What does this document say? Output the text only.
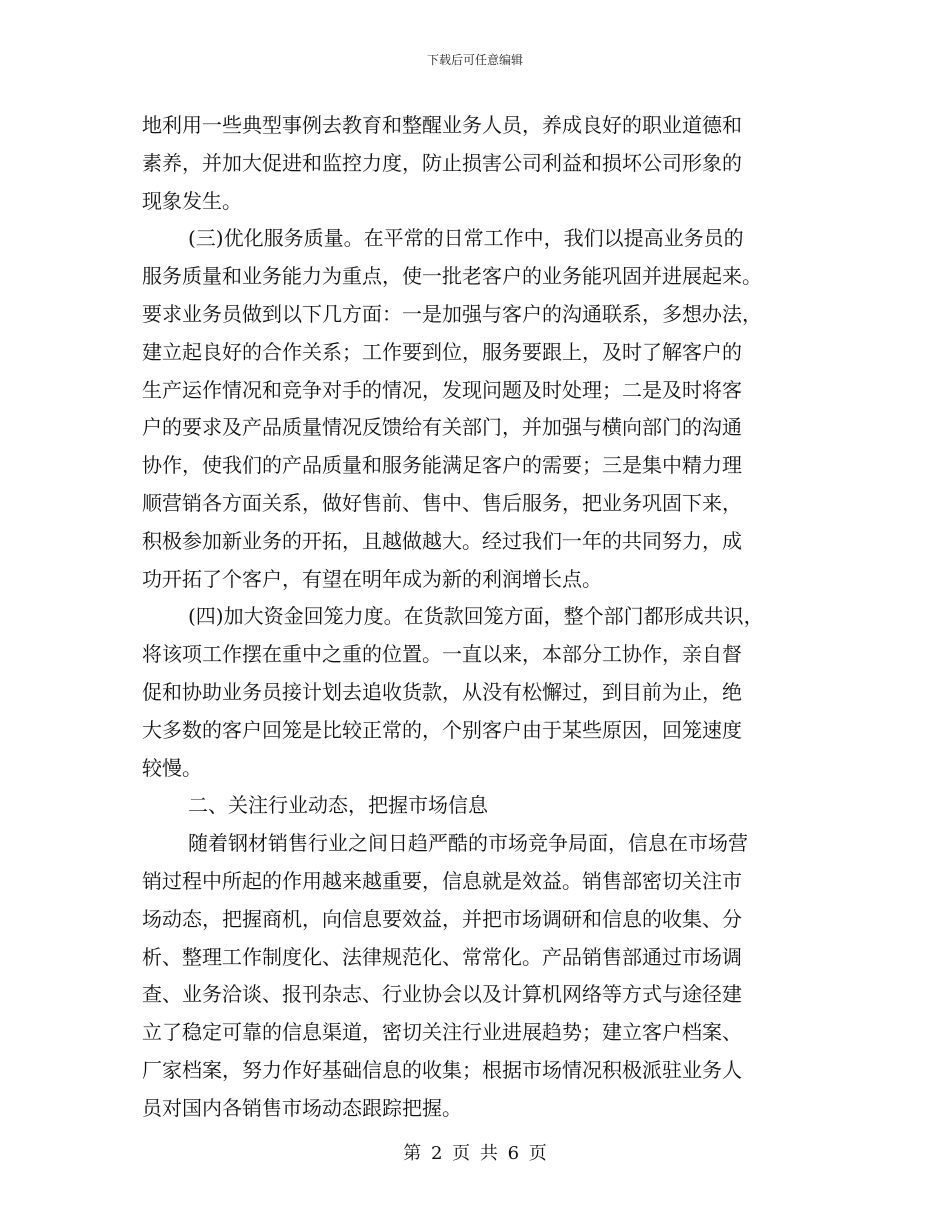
下载后可任意编辑
地利用一些典型事例去教育和整醒业务人员，养成良好的职业道德和
素养，并加大促进和监控力度，防止损害公司利益和损坏公司形象的
现象发生。
(三)优化服务质量。在平常的日常工作中，我们以提高业务员的
服务质量和业务能力为重点，使一批老客户的业务能巩固并进展起来。
要求业务员做到以下几方面：一是加强与客户的沟通联系，多想办法，
建立起良好的合作关系；工作要到位，服务要跟上，及时了解客户的
生产运作情况和竞争对手的情况，发现问题及时处理；二是及时将客
户的要求及产品质量情况反馈给有关部门，并加强与横向部门的沟通
协作，使我们的产品质量和服务能满足客户的需要；三是集中精力理
顺营销各方面关系，做好售前、售中、售后服务，把业务巩固下来，
积极参加新业务的开拓，且越做越大。经过我们一年的共同努力，成
功开拓了个客户，有望在明年成为新的利润增长点。
(四)加大资金回笼力度。在货款回笼方面，整个部门都形成共识，
将该项工作摆在重中之重的位置。一直以来，本部分工协作，亲自督
促和协助业务员接计划去追收货款，从没有松懈过，到目前为止，绝
大多数的客户回笼是比较正常的，个别客户由于某些原因，回笼速度
较慢。
二、关注行业动态，把握市场信息
随着钢材销售行业之间日趋严酷的市场竞争局面，信息在市场营
销过程中所起的作用越来越重要，信息就是效益。销售部密切关注市
场动态，把握商机，向信息要效益，并把市场调研和信息的收集、分
析、整理工作制度化、法律规范化、常常化。产品销售部通过市场调
查、业务洽谈、报刊杂志、行业协会以及计算机网络等方式与途径建
立了稳定可靠的信息渠道，密切关注行业进展趋势；建立客户档案、
厂家档案，努力作好基础信息的收集；根据市场情况积极派驻业务人
员对国内各销售市场动态跟踪把握。
第 2 页 共 6 页
